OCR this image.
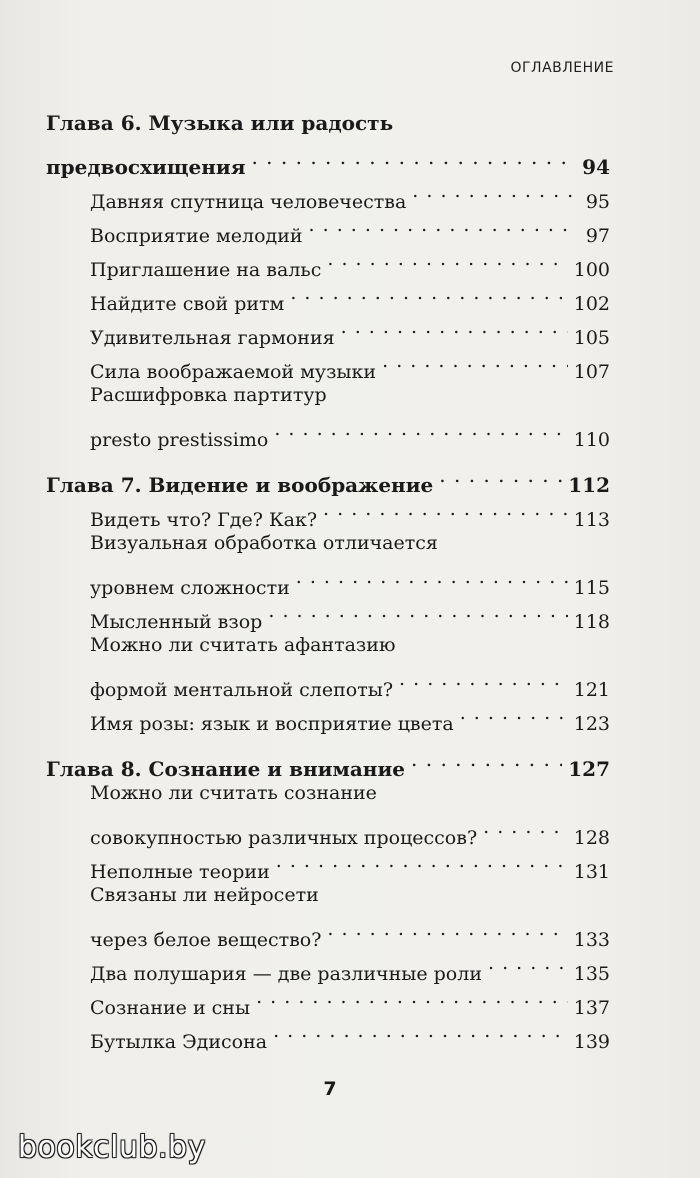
ОГЛАВЛЕНИЕ
Глава 6. Музыка или радость
предвосхищения . . .	94
Давняя спутница человечества . . .	95
Восприятие мелодий . . .	97
Приглашение на вальс . . .	100
Найдите свой ритм . . .	102
Удивительная гармония . . .	105
Сила воображаемой музыки . . .	107
Расшифровка партитур
presto prestissimo . . .	110
Глава 7. Видение и воображение . . .	112
Видеть что? Где? Как? . . .	113
Визуальная обработка отличается
уровнем сложности . . .	115
Мысленный взор . . .	118
Можно ли считать афантазию
формой ментальной слепоты? . . .	121
Имя розы: язык и восприятие цвета . . .	123
Глава 8. Сознание и внимание . . .	127
Можно ли считать сознание
совокупностью различных процессов? . . .	128
Неполные теории . . .	131
Связаны ли нейросети
через белое вещество? . . .	133
Два полушария — две различные роли . . .	135
Сознание и сны . . .	137
Бутылка Эдисона . . .	139
7
bookclub.by
